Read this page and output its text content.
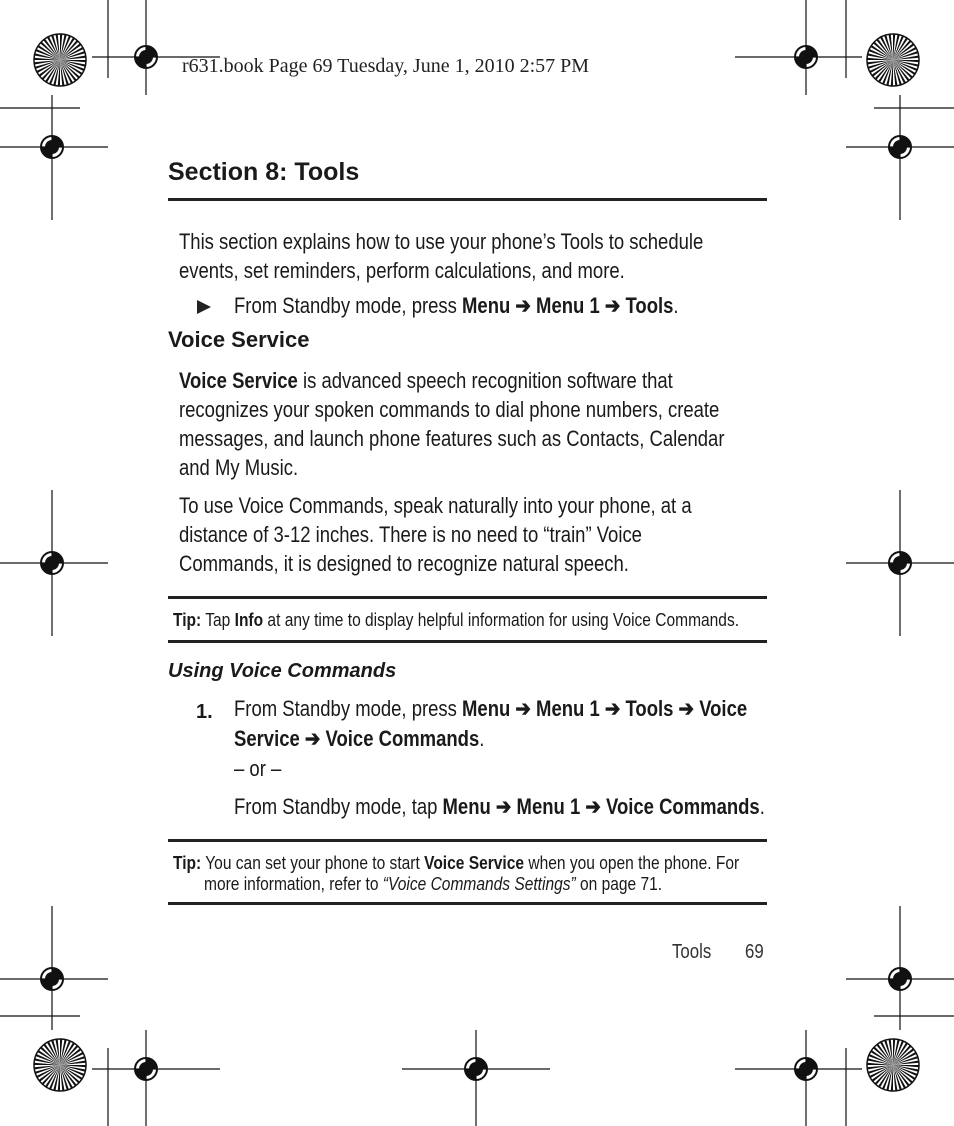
r631.book Page 69 Tuesday, June 1, 2010 2:57 PM
Section 8: Tools
This section explains how to use your phone’s Tools to schedule
events, set reminders, perform calculations, and more.
From Standby mode, press Menu ➔ Menu 1 ➔ Tools.
Voice Service
Voice Service is advanced speech recognition software that
recognizes your spoken commands to dial phone numbers, create
messages, and launch phone features such as Contacts, Calendar
and My Music.
To use Voice Commands, speak naturally into your phone, at a
distance of 3-12 inches. There is no need to “train” Voice
Commands, it is designed to recognize natural speech.
Tip: Tap Info at any time to display helpful information for using Voice Commands.
Using Voice Commands
1. From Standby mode, press Menu ➔ Menu 1 ➔ Tools ➔ Voice
Service ➔ Voice Commands.
– or –
From Standby mode, tap Menu ➔ Menu 1 ➔ Voice Commands.
Tip: You can set your phone to start Voice Service when you open the phone. For
more information, refer to “Voice Commands Settings” on page 71.
Tools 69
